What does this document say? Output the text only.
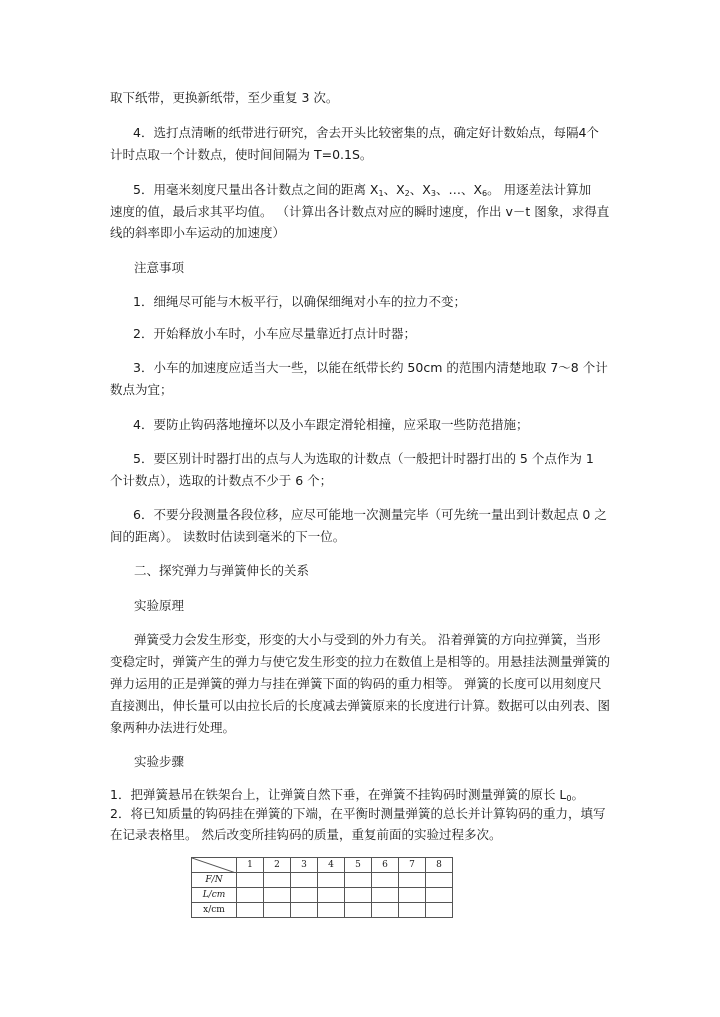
取下纸带，更换新纸带，至少重复 3 次。
4．选打点清晰的纸带进行研究，舍去开头比较密集的点，确定好计数始点，每隔4个
计时点取一个计数点，使时间间隔为 T=0.1S。
5．用毫米刻度尺量出各计数点之间的距离 $X_1$、$X_2$、$X_3$、…、$X_6$。 用逐差法计算加
速度的值，最后求其平均值。 （计算出各计数点对应的瞬时速度，作出 v－t 图象，求得直
线的斜率即小车运动的加速度）
注意事项
1．细绳尽可能与木板平行，以确保细绳对小车的拉力不变；
2．开始释放小车时，小车应尽量靠近打点计时器；
3．小车的加速度应适当大一些，以能在纸带长约 50cm 的范围内清楚地取 7～8 个计
数点为宜；
4．要防止钩码落地撞坏以及小车跟定滑轮相撞，应采取一些防范措施；
5．要区别计时器打出的点与人为选取的计数点（一般把计时器打出的 5 个点作为 1
个计数点），选取的计数点不少于 6 个；
6．不要分段测量各段位移，应尽可能地一次测量完毕（可先统一量出到计数起点 0 之
间的距离）。 读数时估读到毫米的下一位。
二、探究弹力与弹簧伸长的关系
实验原理
弹簧受力会发生形变，形变的大小与受到的外力有关。 沿着弹簧的方向拉弹簧，当形
变稳定时，弹簧产生的弹力与使它发生形变的拉力在数值上是相等的。用悬挂法测量弹簧的
弹力运用的正是弹簧的弹力与挂在弹簧下面的钩码的重力相等。 弹簧的长度可以用刻度尺
直接测出，伸长量可以由拉长后的长度减去弹簧原来的长度进行计算。数据可以由列表、图
象两种办法进行处理。
实验步骤
1．把弹簧悬吊在铁架台上，让弹簧自然下垂，在弹簧不挂钩码时测量弹簧的原长 $L_0$。
2．将已知质量的钩码挂在弹簧的下端，在平衡时测量弹簧的总长并计算钩码的重力，填写
在记录表格里。 然后改变所挂钩码的质量，重复前面的实验过程多次。
	1	2	3	4	5	6	7	8
F/N								
L/cm								
x/cm								
